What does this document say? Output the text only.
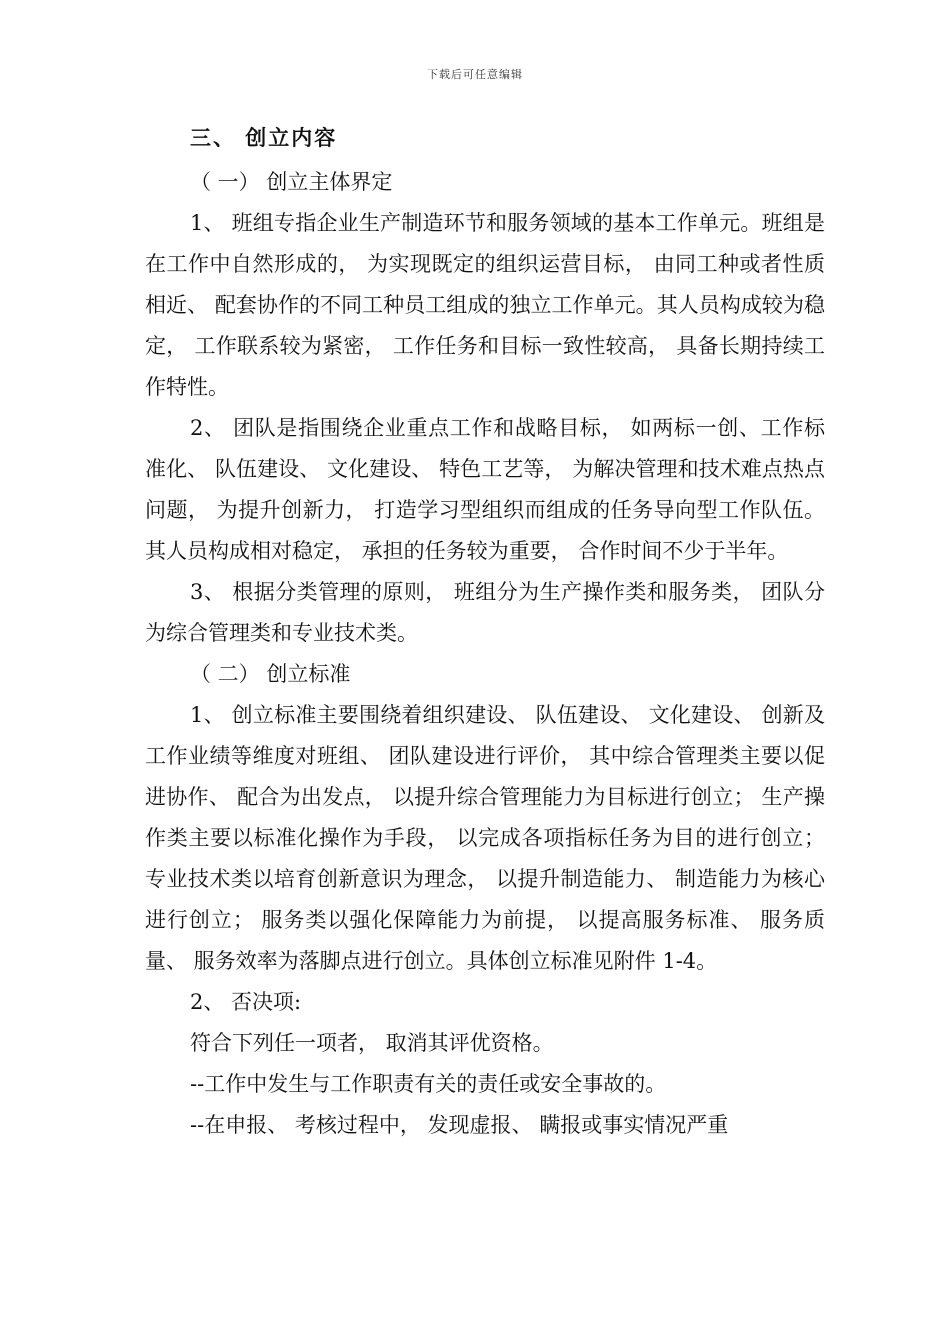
下载后可任意编辑
三、 创立内容

（ 一） 创立主体界定

1、 班组专指企业生产制造环节和服务领域的基本工作单元。班组是在工作中自然形成的， 为实现既定的组织运营目标， 由同工种或者性质相近、 配套协作的不同工种员工组成的独立工作单元。其人员构成较为稳定， 工作联系较为紧密， 工作任务和目标一致性较高， 具备长期持续工作特性。

2、 团队是指围绕企业重点工作和战略目标， 如两标一创、工作标准化、 队伍建设、 文化建设、 特色工艺等， 为解决管理和技术难点热点问题， 为提升创新力， 打造学习型组织而组成的任务导向型工作队伍。其人员构成相对稳定， 承担的任务较为重要， 合作时间不少于半年。

3、 根据分类管理的原则， 班组分为生产操作类和服务类， 团队分为综合管理类和专业技术类。

（ 二） 创立标准

1、 创立标准主要围绕着组织建设、 队伍建设、 文化建设、 创新及工作业绩等维度对班组、 团队建设进行评价， 其中综合管理类主要以促进协作、 配合为出发点， 以提升综合管理能力为目标进行创立； 生产操作类主要以标准化操作为手段， 以完成各项指标任务为目的进行创立； 专业技术类以培育创新意识为理念， 以提升制造能力、 制造能力为核心进行创立； 服务类以强化保障能力为前提， 以提高服务标准、 服务质量、 服务效率为落脚点进行创立。具体创立标准见附件 1-4。

2、 否决项:

符合下列任一项者， 取消其评优资格。

--工作中发生与工作职责有关的责任或安全事故的。

--在申报、 考核过程中， 发现虚报、 瞒报或事实情况严重
